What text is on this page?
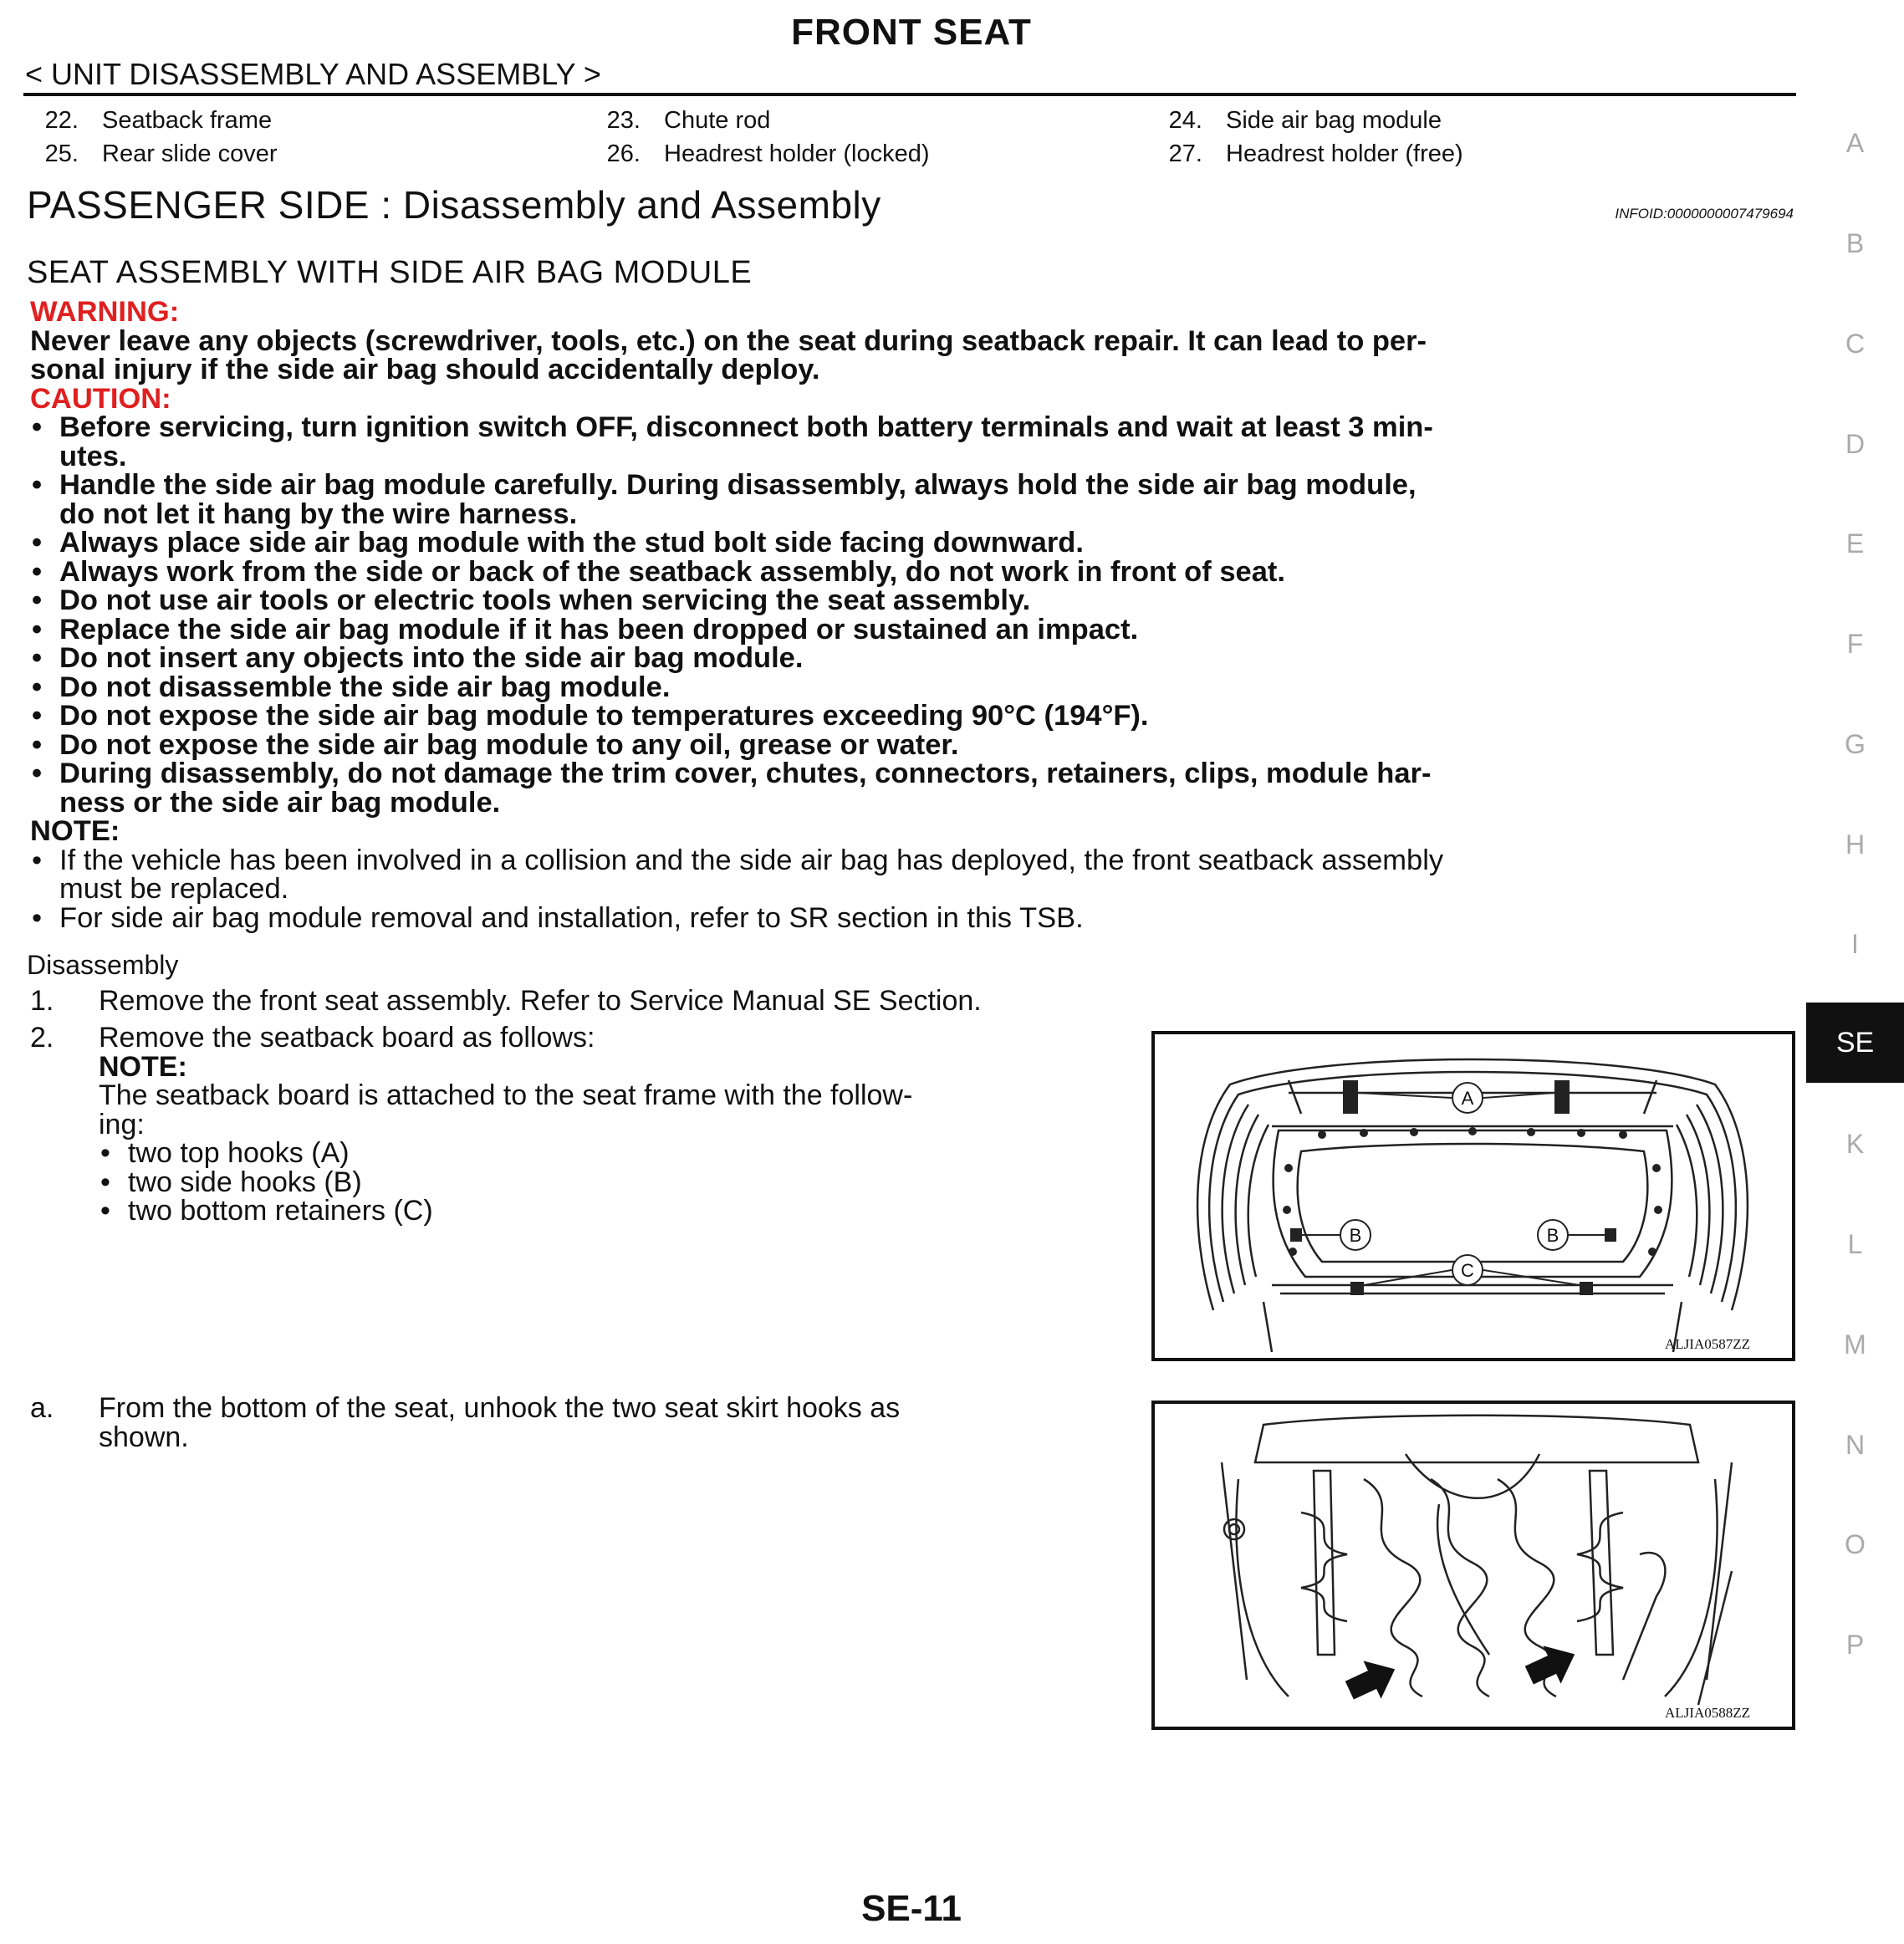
FRONT SEAT
< UNIT DISASSEMBLY AND ASSEMBLY >
22. Seatback frame	23. Chute rod	24. Side air bag module
25. Rear slide cover	26. Headrest holder (locked)	27. Headrest holder (free)
PASSENGER SIDE : Disassembly and Assembly	INFOID:0000000007479694
SEAT ASSEMBLY WITH SIDE AIR BAG MODULE
WARNING:
Never leave any objects (screwdriver, tools, etc.) on the seat during seatback repair. It can lead to per-
sonal injury if the side air bag should accidentally deploy.
CAUTION:
• Before servicing, turn ignition switch OFF, disconnect both battery terminals and wait at least 3 min-
utes.
• Handle the side air bag module carefully. During disassembly, always hold the side air bag module,
do not let it hang by the wire harness.
• Always place side air bag module with the stud bolt side facing downward.
• Always work from the side or back of the seatback assembly, do not work in front of seat.
• Do not use air tools or electric tools when servicing the seat assembly.
• Replace the side air bag module if it has been dropped or sustained an impact.
• Do not insert any objects into the side air bag module.
• Do not disassemble the side air bag module.
• Do not expose the side air bag module to temperatures exceeding 90°C (194°F).
• Do not expose the side air bag module to any oil, grease or water.
• During disassembly, do not damage the trim cover, chutes, connectors, retainers, clips, module har-
ness or the side air bag module.
NOTE:
• If the vehicle has been involved in a collision and the side air bag has deployed, the front seatback assembly
must be replaced.
• For side air bag module removal and installation, refer to SR section in this TSB.
Disassembly
1. Remove the front seat assembly. Refer to Service Manual SE Section.
2. Remove the seatback board as follows:
NOTE:
The seatback board is attached to the seat frame with the follow-
ing:
• two top hooks (A)
• two side hooks (B)
• two bottom retainers (C)
a. From the bottom of the seat, unhook the two seat skirt hooks as
shown.
A
B	B
C
ALJIA0587ZZ
ALJIA0588ZZ
A
B
C
D
E
F
G
H
I
SE
K
L
M
N
O
P
SE-11
